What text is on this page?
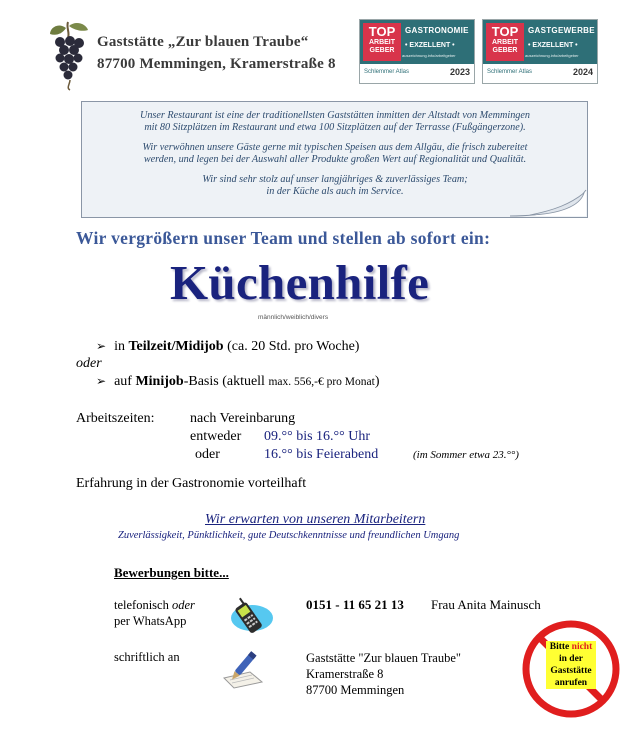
Gaststätte „Zur blauen Traube“
87700 Memmingen, Kramerstraße 8
TOP
ARBEIT GEBER
GASTRONOMIE
• EXZELLENT •
auszeichnung.info/arbeitgeber
Schlemmer Atlas	2023
TOP
ARBEIT GEBER
GASTGEWERBE
• EXZELLENT •
auszeichnung.info/arbeitgeber
Schlemmer Atlas	2024
Unser Restaurant ist eine der traditionellsten Gaststätten inmitten der Altstadt von Memmingen
mit 80 Sitzplätzen im Restaurant und etwa 100 Sitzplätzen auf der Terrasse (Fußgängerzone).
Wir verwöhnen unsere Gäste gerne mit typischen Speisen aus dem Allgäu, die frisch zubereitet
werden, und legen bei der Auswahl aller Produkte großen Wert auf Regionalität und Qualität.
Wir sind sehr stolz auf unser langjähriges & zuverlässiges Team;
in der Küche als auch im Service.
Wir vergrößern unser Team und stellen ab sofort ein:
Küchenhilfe
männlich/weiblich/divers
➢ in Teilzeit/Midijob (ca. 20 Std. pro Woche)
oder
➢ auf Minijob-Basis (aktuell max. 556,-€ pro Monat)
Arbeitszeiten:	nach Vereinbarung
entweder 09.°° bis 16.°° Uhr
oder	16.°° bis Feierabend	(im Sommer etwa 23.°°)
Erfahrung in der Gastronomie vorteilhaft
Wir erwarten von unseren Mitarbeitern
Zuverlässigkeit, Pünktlichkeit, gute Deutschkenntnisse und freundlichen Umgang
Bewerbungen bitte...
telefonisch oder
per WhatsApp
0151 - 11 65 21 13 Frau Anita Mainusch
schriftlich an	Gaststätte "Zur blauen Traube"
Kramerstraße 8
87700 Memmingen
Bitte nicht
in der
Gaststätte
anrufen
